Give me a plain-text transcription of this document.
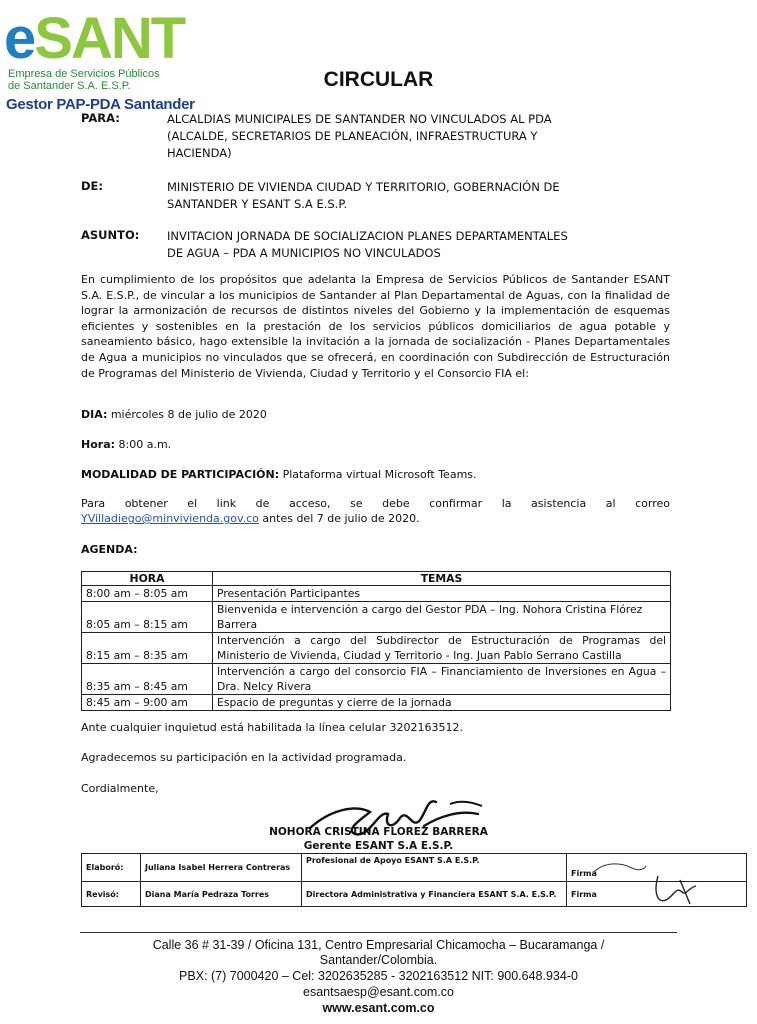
eSANT
Empresa de Servicios Públicos
de Santander S.A. E.S.P.
Gestor PAP-PDA Santander
CIRCULAR
PARA:	ALCALDIAS MUNICIPALES DE SANTANDER NO VINCULADOS AL PDA
(ALCALDE, SECRETARIOS DE PLANEACIÓN, INFRAESTRUCTURA Y
HACIENDA)
DE:	MINISTERIO DE VIVIENDA CIUDAD Y TERRITORIO, GOBERNACIÓN DE
SANTANDER Y ESANT S.A E.S.P.
ASUNTO: INVITACION JORNADA DE SOCIALIZACION PLANES DEPARTAMENTALES
DE AGUA – PDA A MUNICIPIOS NO VINCULADOS
En cumplimiento de los propósitos que adelanta la Empresa de Servicios Públicos de Santander ESANT S.A. E.S.P., de vincular a los municipios de Santander al Plan Departamental de Aguas, con la finalidad de lograr la armonización de recursos de distintos niveles del Gobierno y la implementación de esquemas eficientes y sostenibles en la prestación de los servicios públicos domiciliarios de agua potable y saneamiento básico, hago extensible la invitación a la jornada de socialización - Planes Departamentales de Agua a municipios no vinculados que se ofrecerá, en coordinación con Subdirección de Estructuración de Programas del Ministerio de Vivienda, Ciudad y Territorio y el Consorcio FIA el:
DIA: miércoles 8 de julio de 2020
Hora: 8:00 a.m.
MODALIDAD DE PARTICIPACIÓN: Plataforma virtual Microsoft Teams.
Para obtener el link de acceso, se debe confirmar la asistencia al correo
YVilladiego@minvivienda.gov.co antes del 7 de julio de 2020.
AGENDA:
HORA	TEMAS
8:00 am – 8:05 am	Presentación Participantes
8:05 am – 8:15 am	Bienvenida e intervención a cargo del Gestor PDA – Ing. Nohora Cristina Flórez Barrera
8:15 am – 8:35 am	Intervención a cargo del Subdirector de Estructuración de Programas del Ministerio de Vivienda, Ciudad y Territorio - Ing. Juan Pablo Serrano Castilla
8:35 am – 8:45 am	Intervención a cargo del consorcio FIA – Financiamiento de Inversiones en Agua – Dra. Nelcy Rivera
8:45 am – 9:00 am	Espacio de preguntas y cierre de la jornada
Ante cualquier inquietud está habilitada la línea celular 3202163512.
Agradecemos su participación en la actividad programada.
Cordialmente,
NOHORA CRISTINA FLOREZ BARRERA
Gerente ESANT S.A E.S.P.
Elaboró:	Juliana Isabel Herrera Contreras	Profesional de Apoyo ESANT S.A E.S.P.	Firma
Revisó:	Diana María Pedraza Torres	Directora Administrativa y Financiera ESANT S.A. E.S.P.	Firma
Calle 36 # 31-39 / Oficina 131, Centro Empresarial Chicamocha – Bucaramanga /
Santander/Colombia.
PBX: (7) 7000420 – Cel: 3202635285 - 3202163512 NIT: 900.648.934-0
esantsaesp@esant.com.co
www.esant.com.co
